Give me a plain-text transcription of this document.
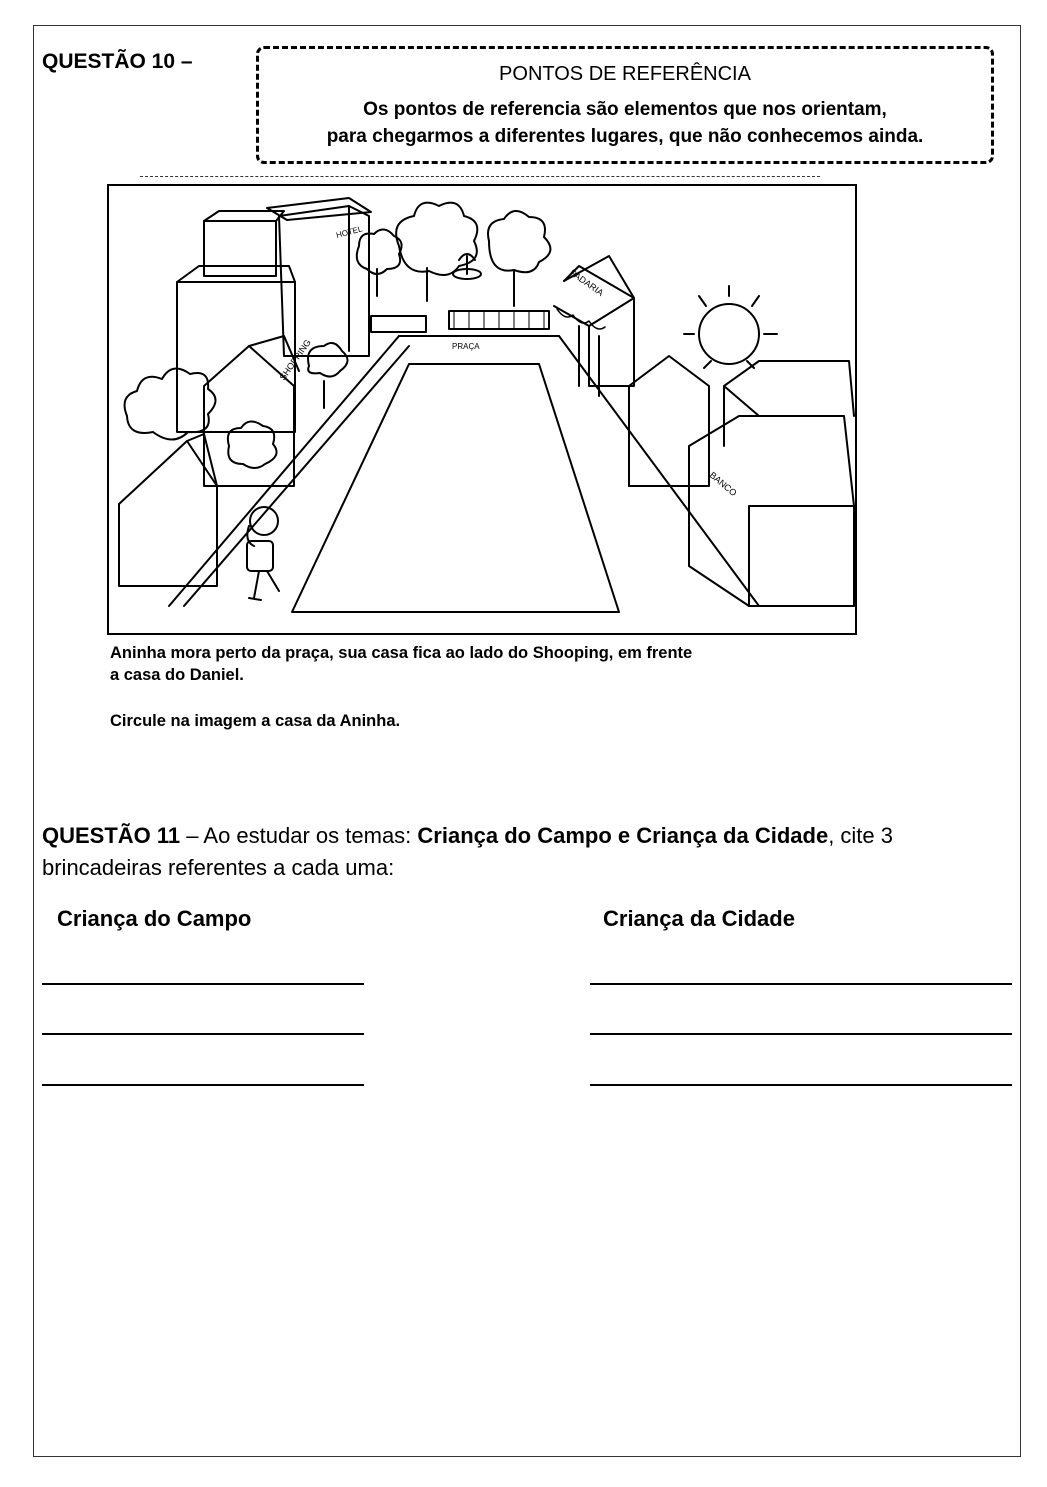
QUESTÃO 10 –
PONTOS DE REFERÊNCIA
Os pontos de referencia são elementos que nos orientam,
para chegarmos a diferentes lugares, que não conhecemos ainda.
HOTEL
SHOPPING
PADARIA
BANCO
PRAÇA
Aninha mora perto da praça, sua casa fica ao lado do Shooping, em frente
a casa do Daniel.
Circule na imagem a casa da Aninha.
QUESTÃO 11 – Ao estudar os temas: Criança do Campo e Criança da Cidade, cite 3 brincadeiras referentes a cada uma:
Criança do Campo	Criança da Cidade
